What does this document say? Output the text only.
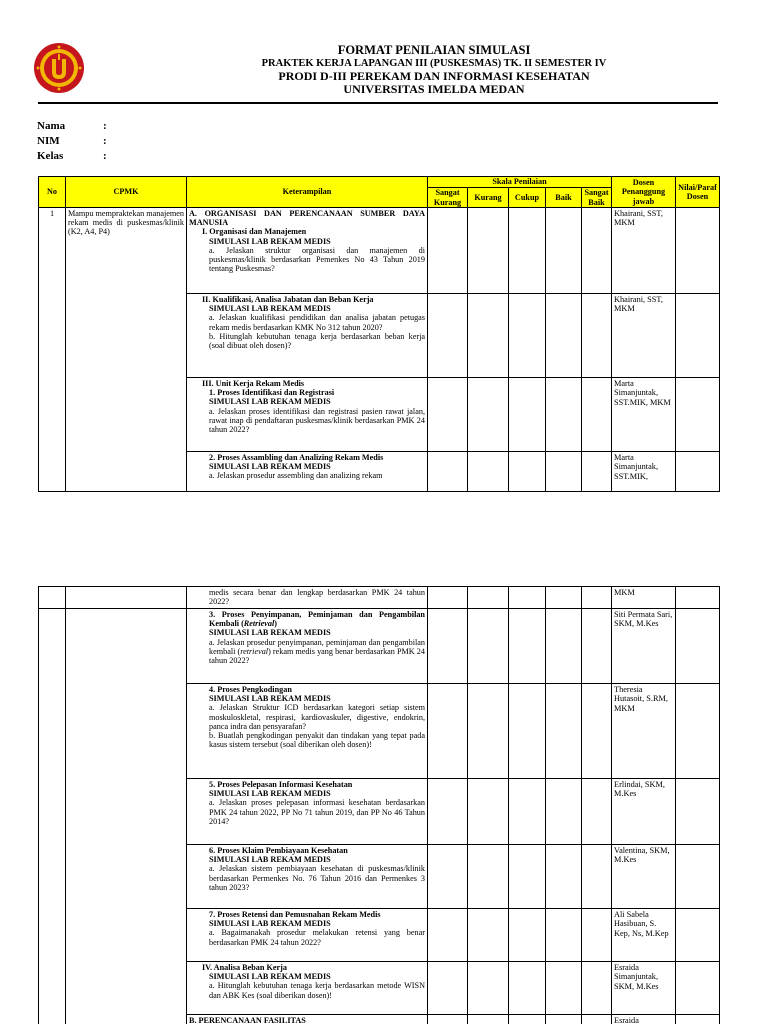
FORMAT PENILAIAN SIMULASI
PRAKTEK KERJA LAPANGAN III (PUSKESMAS) TK. II SEMESTER IV
PRODI D-III PEREKAM DAN INFORMASI KESEHATAN
UNIVERSITAS IMELDA MEDAN
Nama	:
NIM	:
Kelas	:
No	CPMK	Keterampilan	Skala Penilaian					Dosen Penanggung jawab	Nilai/Paraf Dosen
			Sangat Kurang	Kurang	Cukup	Baik	Sangat Baik		
1	Mampu mempraktekan manajemen rekam medis di puskesmas/klinik (K2, A4, P4)	A. ORGANISASI DAN PERENCANAAN SUMBER DAYA MANUSIA
I. Organisasi dan Manajemen
SIMULASI LAB REKAM MEDIS
a. Jelaskan struktur organisasi dan manajemen di puskesmas/klinik berdasarkan Pemenkes No 43 Tahun 2019 tentang Puskesmas?						Khairani, SST, MKM	

		II. Kualifikasi, Analisa Jabatan dan Beban Kerja
SIMULASI LAB REKAM MEDIS
a. Jelaskan kualifikasi pendidikan dan analisa jabatan petugas rekam medis berdasarkan KMK No 312 tahun 2020?
b. Hitunglah kebutuhan tenaga kerja berdasarkan beban kerja (soal dibuat oleh dosen)?						Khairani, SST, MKM	

		III. Unit Kerja Rekam Medis
1. Proses Identifikasi dan Registrasi
SIMULASI LAB REKAM MEDIS
a. Jelaskan proses identifikasi dan registrasi pasien rawat jalan, rawat inap di pendaftaran puskesmas/klinik berdasarkan PMK 24 tahun 2022?						Marta Simanjuntak, SST.MIK, MKM	

		2. Proses Assambling dan Analizing Rekam Medis
SIMULASI LAB REKAM MEDIS
a. Jelaskan prosedur assembling dan analizing rekam						Marta Simanjuntak, SST.MIK,	

		medis secara benar dan lengkap berdasarkan PMK 24 tahun 2022?						MKM	

		3. Proses Penyimpanan, Peminjaman dan Pengambilan Kembali (Retrieval)
SIMULASI LAB REKAM MEDIS
a. Jelaskan prosedur penyimpanan, peminjaman dan pengambilan kembali (retrieval) rekam medis yang benar berdasarkan PMK 24 tahun 2022?						Siti Permata Sari, SKM, M.Kes	

		4. Proses Pengkodingan
SIMULASI LAB REKAM MEDIS
a. Jelaskan Struktur ICD berdasarkan kategori setiap sistem moskuloskletal, respirasi, kardiovaskuler, digestive, endokrin, panca indra dan pensyarafan?
b. Buatlah pengkodingan penyakit dan tindakan yang tepat pada kasus sistem tersebut (soal diberikan oleh dosen)!						Theresia Hutasoit, S.RM, MKM	

		5. Proses Pelepasan Informasi Kesehatan
SIMULASI LAB REKAM MEDIS
a. Jelaskan proses pelepasan informasi kesehatan berdasarkan PMK 24 tahun 2022, PP No 71 tahun 2019, dan PP No 46 Tahun 2014?						Erlindai, SKM, M.Kes	

		6. Proses Klaim Pembiayaan Kesehatan
SIMULASI LAB REKAM MEDIS
a. Jelaskan sistem pembiayaan kesehatan di puskesmas/klinik berdasarkan Permenkes No. 76 Tahun 2016 dan Permenkes 3 tahun 2023?						Valentina, SKM, M.Kes	

		7. Proses Retensi dan Pemusnahan Rekam Medis
SIMULASI LAB REKAM MEDIS
a. Bagaimanakah prosedur melakukan retensi yang benar berdasarkan PMK 24 tahun 2022?						Ali Sabela Hasibuan, S. Kep, Ns, M.Kep	

		IV. Analisa Beban Kerja
SIMULASI LAB REKAM MEDIS
a. Hitunglah kebutuhan tenaga kerja berdasarkan metode WISN dan ABK Kes (soal diberikan dosen)!						Esraida Simanjuntak, SKM, M.Kes	

		B. PERENCANAAN FASILITAS						Esraida	
